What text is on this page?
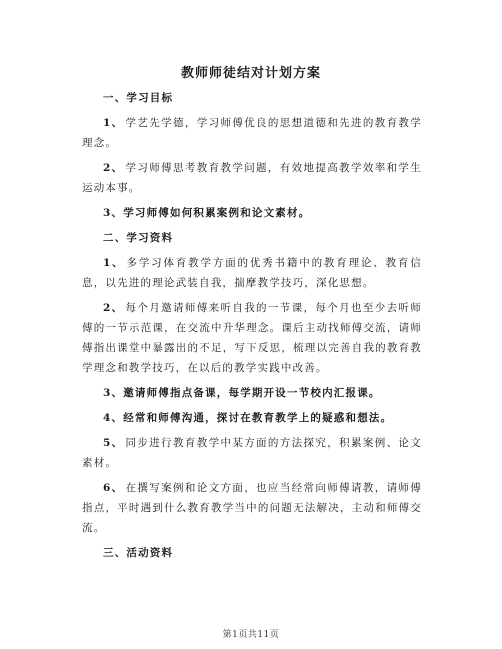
教师师徒结对计划方案

一、学习目标

1、 学艺先学德，学习师傅优良的思想道德和先进的教育教学理念。

2、 学习师傅思考教育教学问题，有效地提高教学效率和学生运动本事。

3、学习师傅如何积累案例和论文素材。

二、学习资料

1、 多学习体育教学方面的优秀书籍中的教育理论、教育信息，以先进的理论武装自我，揣摩教学技巧，深化思想。

2、 每个月邀请师傅来听自我的一节课，每个月也至少去听师傅的一节示范课，在交流中升华理念。课后主动找师傅交流，请师傅指出课堂中暴露出的不足，写下反思，梳理以完善自我的教育教学理念和教学技巧，在以后的教学实践中改善。

3、邀请师傅指点备课，每学期开设一节校内汇报课。

4、经常和师傅沟通，探讨在教育教学上的疑惑和想法。

5、 同步进行教育教学中某方面的方法探究，积累案例、论文素材。

6、 在撰写案例和论文方面，也应当经常向师傅请教，请师傅指点，平时遇到什么教育教学当中的问题无法解决，主动和师傅交流。

三、活动资料

第1页共11页
